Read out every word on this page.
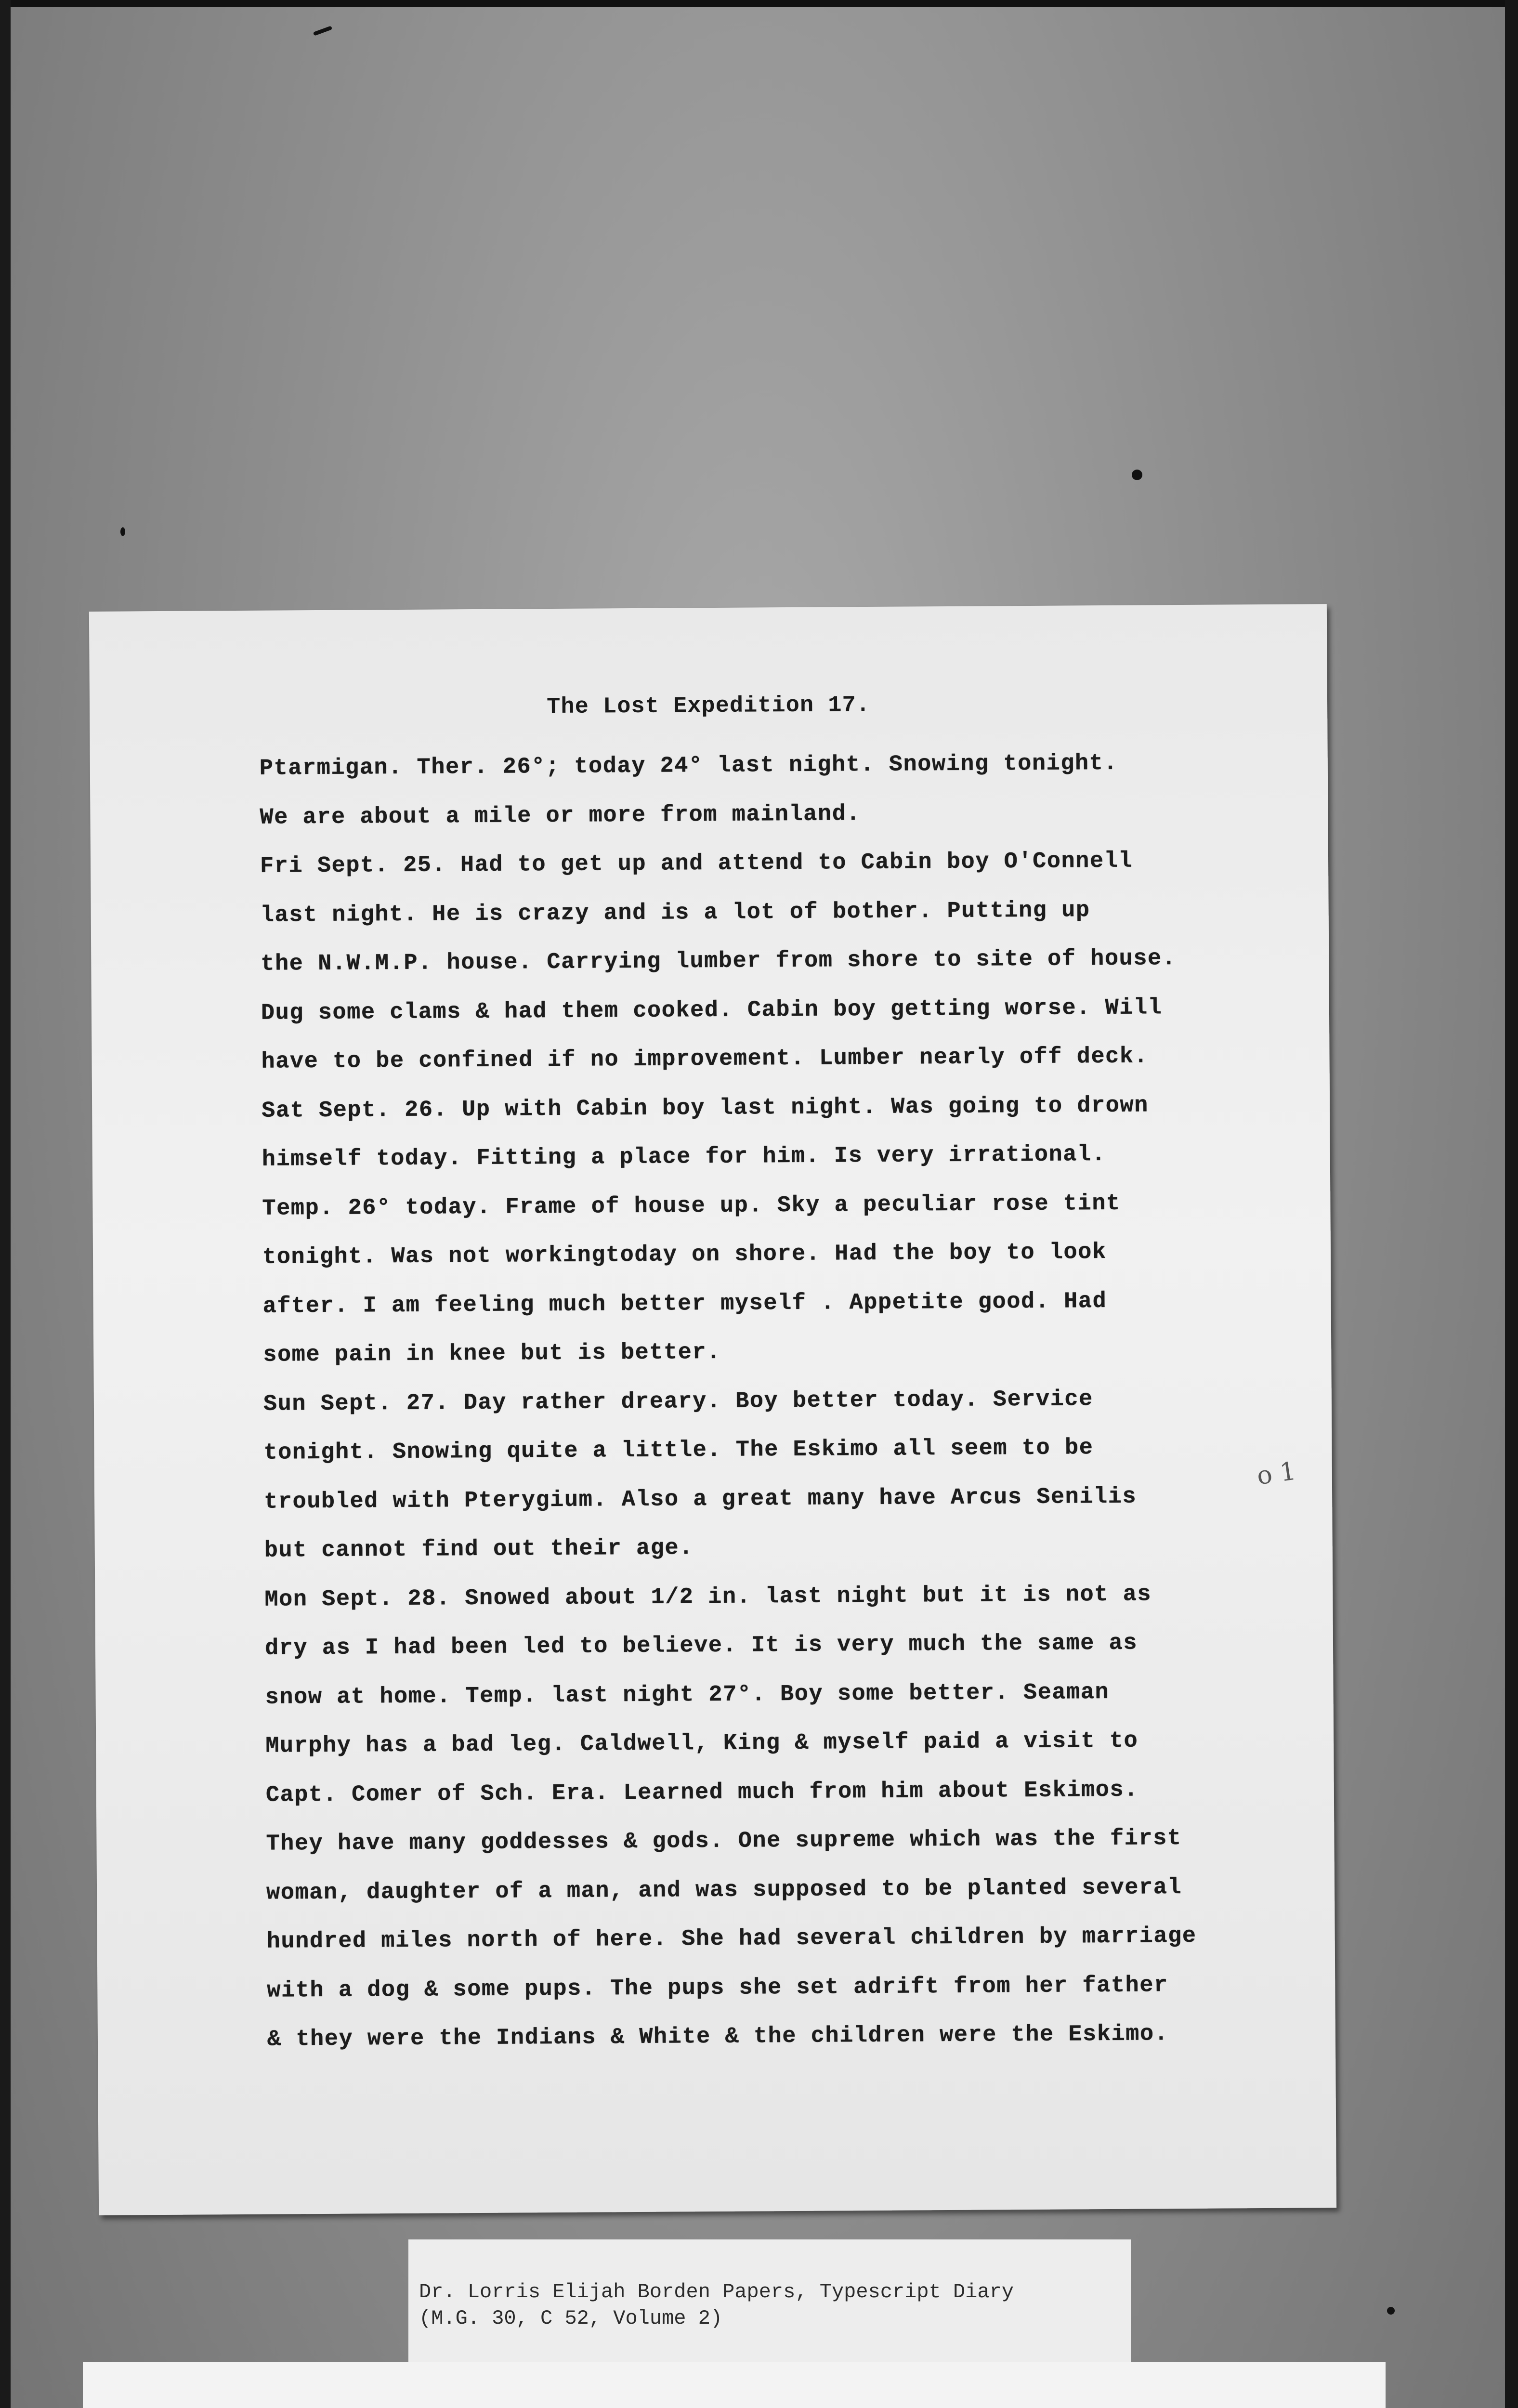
The Lost Expedition 17.
Ptarmigan. Ther. 26°; today 24° last night. Snowing tonight.
We are about a mile or more from mainland.
Fri Sept. 25. Had to get up and attend to Cabin boy O'Connell
last night. He is crazy and is a lot of bother. Putting up
the N.W.M.P. house. Carrying lumber from shore to site of house.
Dug some clams & had them cooked. Cabin boy getting worse. Will
have to be confined if no improvement. Lumber nearly off deck.
Sat Sept. 26. Up with Cabin boy last night. Was going to drown
himself today. Fitting a place for him. Is very irrational.
Temp. 26° today. Frame of house up. Sky a peculiar rose tint
tonight. Was not workingtoday on shore. Had the boy to look
after. I am feeling much better myself . Appetite good. Had
some pain in knee but is better.
Sun Sept. 27. Day rather dreary. Boy better today. Service
tonight. Snowing quite a little. The Eskimo all seem to be
troubled with Pterygium. Also a great many have Arcus Senilis
but cannot find out their age.
Mon Sept. 28. Snowed about 1/2 in. last night but it is not as
dry as I had been led to believe. It is very much the same as
snow at home. Temp. last night 27°. Boy some better. Seaman
Murphy has a bad leg. Caldwell, King & myself paid a visit to
Capt. Comer of Sch. Era. Learned much from him about Eskimos.
They have many goddesses & gods. One supreme which was the first
woman, daughter of a man, and was supposed to be planted several
hundred miles north of here. She had several children by marriage
with a dog & some pups. The pups she set adrift from her father
& they were the Indians & White & the children were the Eskimo.
o 1
Dr. Lorris Elijah Borden Papers, Typescript Diary
(M.G. 30, C 52, Volume 2)
